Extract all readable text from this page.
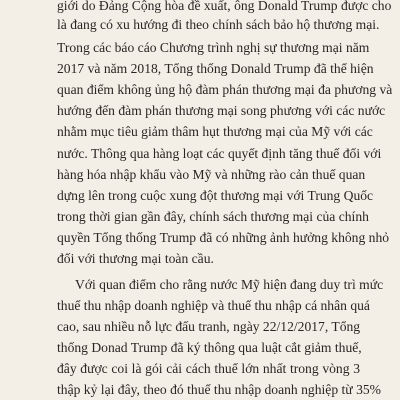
giới do Đảng Cộng hòa đề xuất, ông Donald Trump được cho
là đang có xu hướng đi theo chính sách bảo hộ thương mại.
Trong các báo cáo Chương trình nghị sự thương mại năm
2017 và năm 2018, Tổng thống Donald Trump đã thể hiện
quan điểm không ủng hộ đàm phán thương mại đa phương và
hướng đến đàm phán thương mại song phương với các nước
nhằm mục tiêu giảm thâm hụt thương mại của Mỹ với các
nước. Thông qua hàng loạt các quyết định tăng thuế đối với
hàng hóa nhập khẩu vào Mỹ và những rào cản thuế quan
dựng lên trong cuộc xung đột thương mại với Trung Quốc
trong thời gian gần đây, chính sách thương mại của chính
quyền Tổng thống Trump đã có những ảnh hưởng không nhỏ
đối với thương mại toàn cầu.
Với quan điểm cho rằng nước Mỹ hiện đang duy trì mức
thuế thu nhập doanh nghiệp và thuế thu nhập cá nhân quá
cao, sau nhiều nỗ lực đấu tranh, ngày 22/12/2017, Tổng
thống Donad Trump đã ký thông qua luật cắt giảm thuế,
đây được coi là gói cải cách thuế lớn nhất trong vòng 3
thập kỷ lại đây, theo đó thuế thu nhập doanh nghiệp từ 35%
